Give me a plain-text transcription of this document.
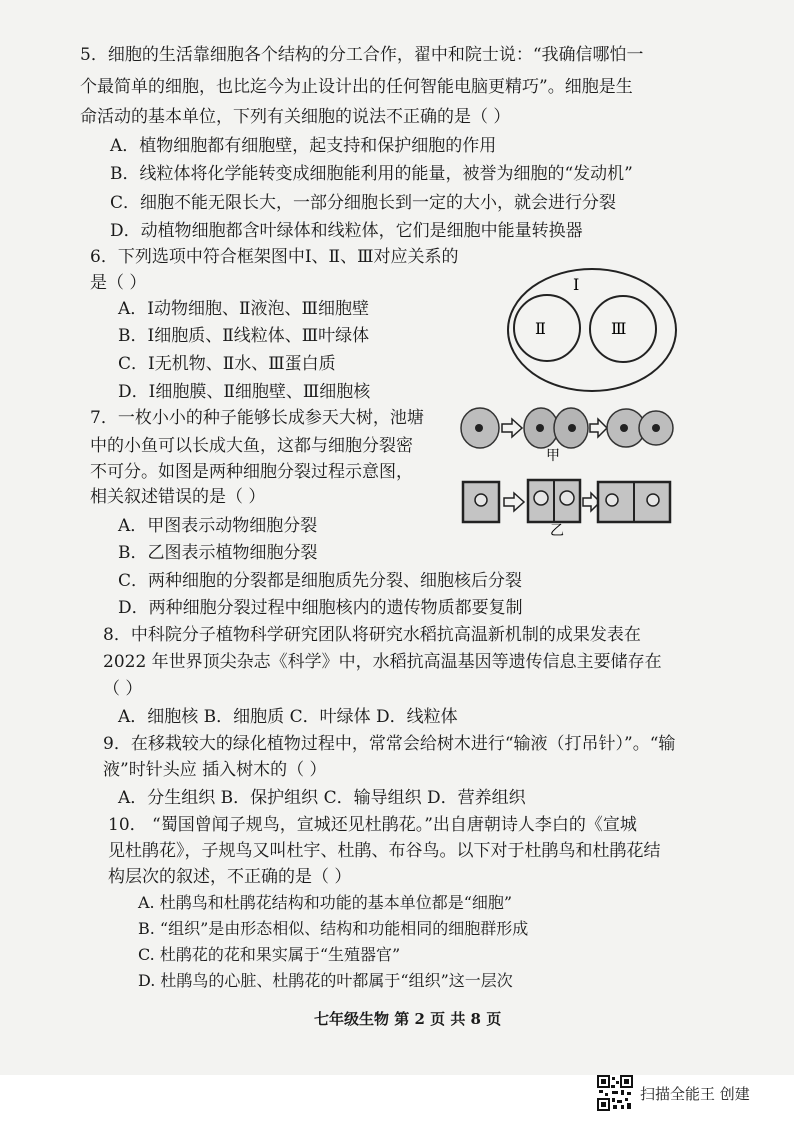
5．细胞的生活靠细胞各个结构的分工合作，翟中和院士说：“我确信哪怕一
个最简单的细胞，也比迄今为止设计出的任何智能电脑更精巧”。细胞是生
命活动的基本单位，下列有关细胞的说法不正确的是（ ）
A．植物细胞都有细胞壁，起支持和保护细胞的作用
B．线粒体将化学能转变成细胞能利用的能量，被誉为细胞的“发动机”
C．细胞不能无限长大，一部分细胞长到一定的大小，就会进行分裂
D．动植物细胞都含叶绿体和线粒体，它们是细胞中能量转换器
6．下列选项中符合框架图中Ⅰ、Ⅱ、Ⅲ对应关系的
是（ ）
A．Ⅰ动物细胞、Ⅱ液泡、Ⅲ细胞壁
B．Ⅰ细胞质、Ⅱ线粒体、Ⅲ叶绿体
C．Ⅰ无机物、Ⅱ水、Ⅲ蛋白质
D．Ⅰ细胞膜、Ⅱ细胞壁、Ⅲ细胞核
Ⅰ
Ⅱ	Ⅲ
7．一枚小小的种子能够长成参天大树，池塘
中的小鱼可以长成大鱼，这都与细胞分裂密
不可分。如图是两种细胞分裂过程示意图，
相关叙述错误的是（ ）
A．甲图表示动物细胞分裂
B．乙图表示植物细胞分裂
C．两种细胞的分裂都是细胞质先分裂、细胞核后分裂
D．两种细胞分裂过程中细胞核内的遗传物质都要复制
甲
乙
8．中科院分子植物科学研究团队将研究水稻抗高温新机制的成果发表在
2022 年世界顶尖杂志《科学》中，水稻抗高温基因等遗传信息主要储存在
（ ）
A．细胞核 B．细胞质 C．叶绿体 D．线粒体
9．在移栽较大的绿化植物过程中，常常会给树木进行“输液（打吊针）”。“输
液”时针头应 插入树木的（ ）
A．分生组织 B．保护组织 C．输导组织 D．营养组织
10． “蜀国曾闻子规鸟，宣城还见杜鹃花。”出自唐朝诗人李白的《宣城
见杜鹃花》，子规鸟又叫杜宇、杜鹃、布谷鸟。以下对于杜鹃鸟和杜鹃花结
构层次的叙述，不正确的是（ ）
A. 杜鹃鸟和杜鹃花结构和功能的基本单位都是“细胞”
B. “组织”是由形态相似、结构和功能相同的细胞群形成
C. 杜鹃花的花和果实属于“生殖器官”
D. 杜鹃鸟的心脏、杜鹃花的叶都属于“组织”这一层次
七年级生物 第 2 页 共 8 页
扫描全能王 创建
